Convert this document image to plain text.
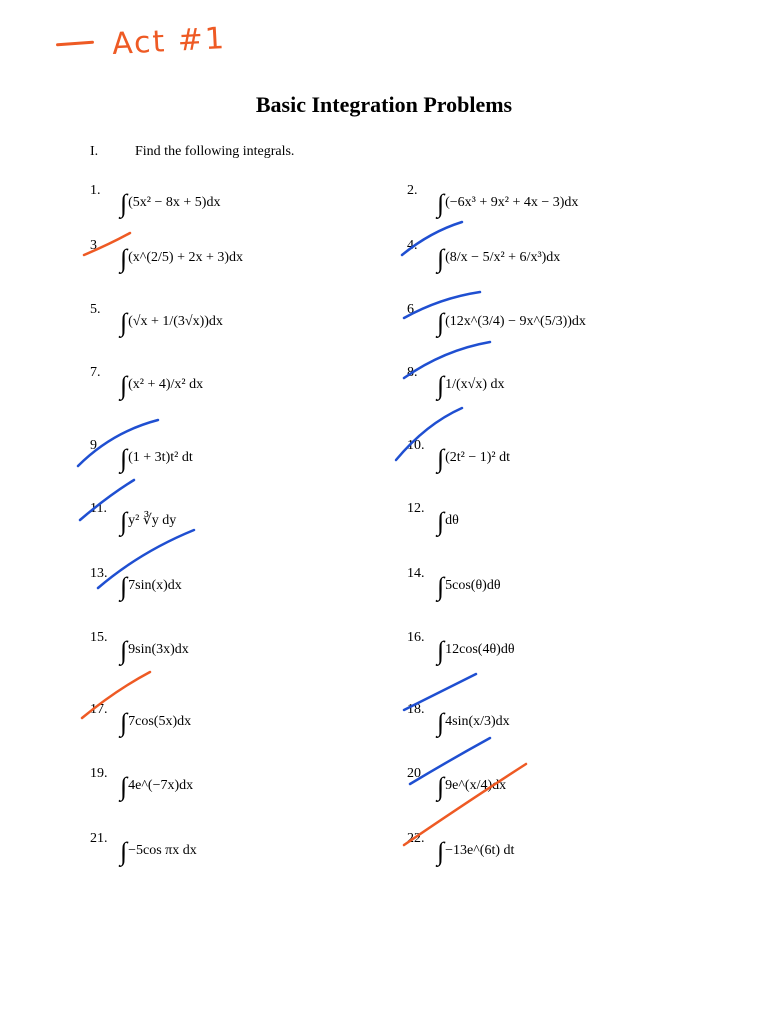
Act #1
Basic Integration Problems
I.	Find the following integrals.
1. ∫(5x² − 8x + 5)dx
3. ∫(x^(2/5) + 2x + 3)dx
5. ∫(√x + 1/(3√x))dx
7. ∫(x² + 4)/x² dx
9. ∫(1 + 3t)t² dt
11. ∫y² ∛y dy
13. ∫7sin(x)dx
15. ∫9sin(3x)dx
17. ∫7cos(5x)dx
19. ∫4e^(−7x)dx
21. ∫−5cos πx dx
2. ∫(−6x³ + 9x² + 4x − 3)dx
4. ∫(8/x − 5/x² + 6/x³)dx
6. ∫(12x^(3/4) − 9x^(5/3))dx
8. ∫1/(x√x) dx
10. ∫(2t² − 1)² dt
12. ∫dθ
14. ∫5cos(θ)dθ
16. ∫12cos(4θ)dθ
18. ∫4sin(x/3)dx
20. ∫9e^(x/4)dx
22. ∫−13e^(6t) dt
